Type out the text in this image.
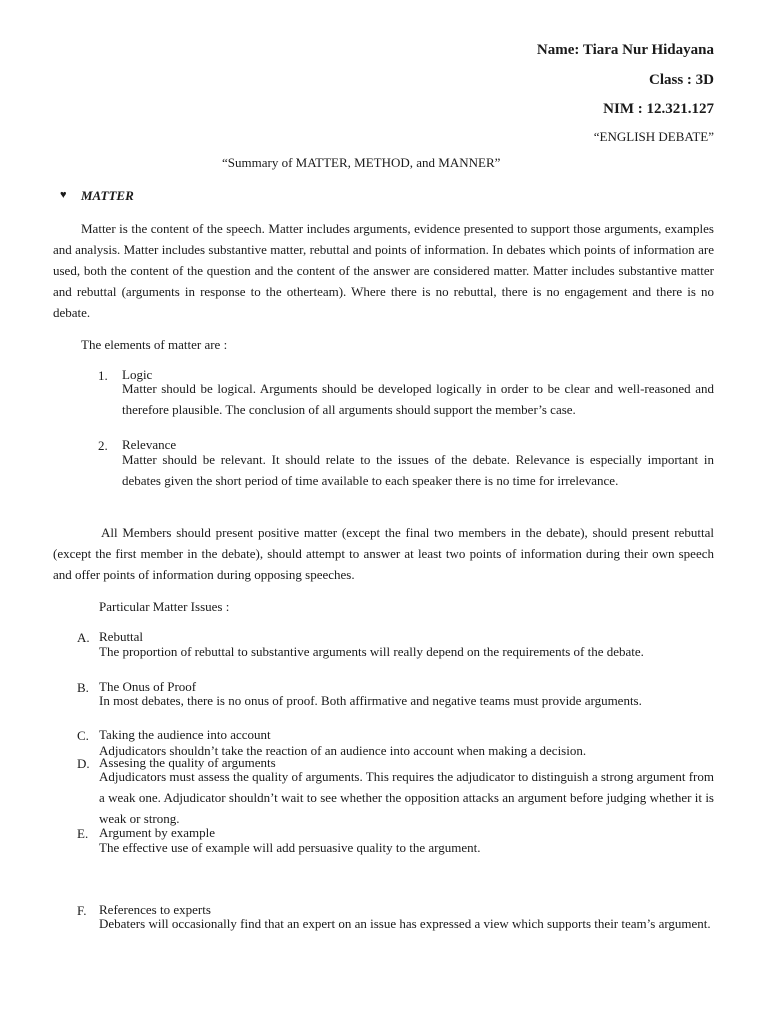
Name: Tiara Nur Hidayana
Class : 3D
NIM : 12.321.127
“ENGLISH DEBATE”
“Summary of MATTER, METHOD, and MANNER”
♥ MATTER
Matter is the content of the speech. Matter includes arguments, evidence presented to support those arguments, examples and analysis. Matter includes substantive matter, rebuttal and points of information. In debates which points of information are used, both the content of the question and the content of the answer are considered matter. Matter includes substantive matter and rebuttal (arguments in response to the otherteam). Where there is no rebuttal, there is no engagement and there is no debate.
The elements of matter are :
1. Logic
Matter should be logical. Arguments should be developed logically in order to be clear and well-reasoned and therefore plausible. The conclusion of all arguments should support the member’s case.
2. Relevance
Matter should be relevant. It should relate to the issues of the debate. Relevance is especially important in debates given the short period of time available to each speaker there is no time for irrelevance.
All Members should present positive matter (except the final two members in the debate), should present rebuttal (except the first member in the debate), should attempt to answer at least two points of information during their own speech and offer points of information during opposing speeches.
Particular Matter Issues :
A. Rebuttal
The proportion of rebuttal to substantive arguments will really depend on the requirements of the debate.
B. The Onus of Proof
In most debates, there is no onus of proof. Both affirmative and negative teams must provide arguments.
C. Taking the audience into account
Adjudicators shouldn’t take the reaction of an audience into account when making a decision.
D. Assesing the quality of arguments
Adjudicators must assess the quality of arguments. This requires the adjudicator to distinguish a strong argument from a weak one. Adjudicator shouldn’t wait to see whether the opposition attacks an argument before judging whether it is weak or strong.
E. Argument by example
The effective use of example will add persuasive quality to the argument.
F. References to experts
Debaters will occasionally find that an expert on an issue has expressed a view which supports their team’s argument.
